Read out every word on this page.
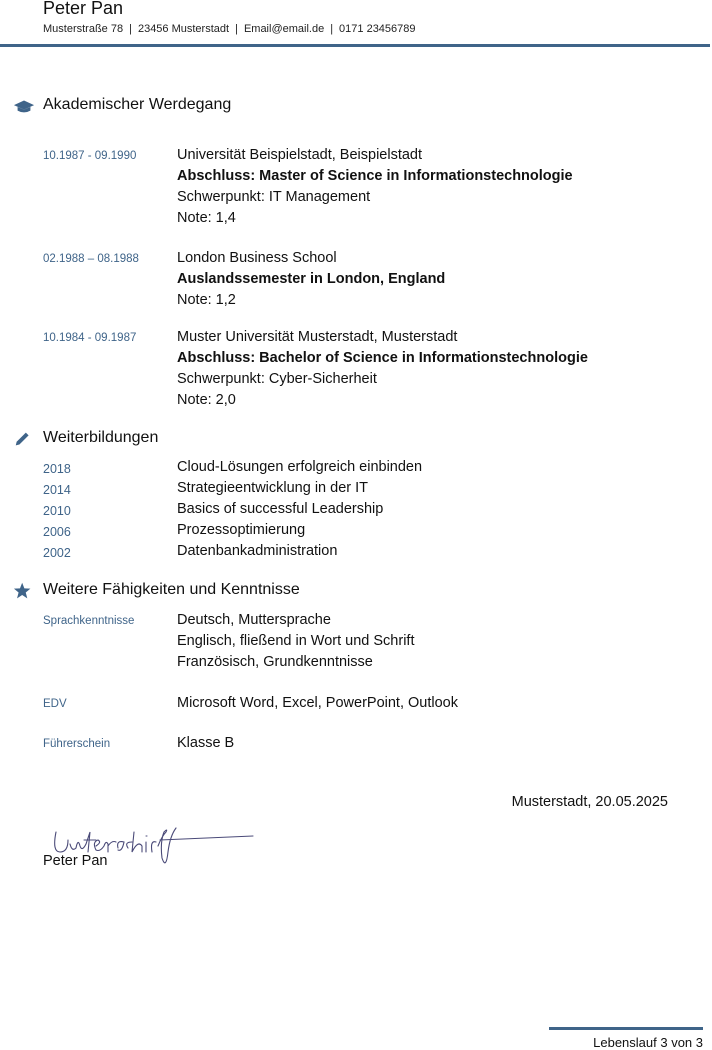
Peter Pan
Musterstraße 78 | 23456 Musterstadt | Email@email.de | 0171 23456789
Akademischer Werdegang
10.1987 - 09.1990	Universität Beispielstadt, Beispielstadt
Abschluss: Master of Science in Informationstechnologie
Schwerpunkt: IT Management
Note: 1,4
02.1988 – 08.1988	London Business School
Auslandssemester in London, England
Note: 1,2
10.1984 - 09.1987	Muster Universität Musterstadt, Musterstadt
Abschluss: Bachelor of Science in Informationstechnologie
Schwerpunkt: Cyber-Sicherheit
Note: 2,0
Weiterbildungen
2018	Cloud-Lösungen erfolgreich einbinden
2014	Strategieentwicklung in der IT
2010	Basics of successful Leadership
2006	Prozessoptimierung
2002	Datenbankadministration
Weitere Fähigkeiten und Kenntnisse
Sprachkenntnisse	Deutsch, Muttersprache
Englisch, fließend in Wort und Schrift
Französisch, Grundkenntnisse
EDV	Microsoft Word, Excel, PowerPoint, Outlook
Führerschein	Klasse B
Musterstadt, 20.05.2025
Peter Pan
Lebenslauf 3 von 3
